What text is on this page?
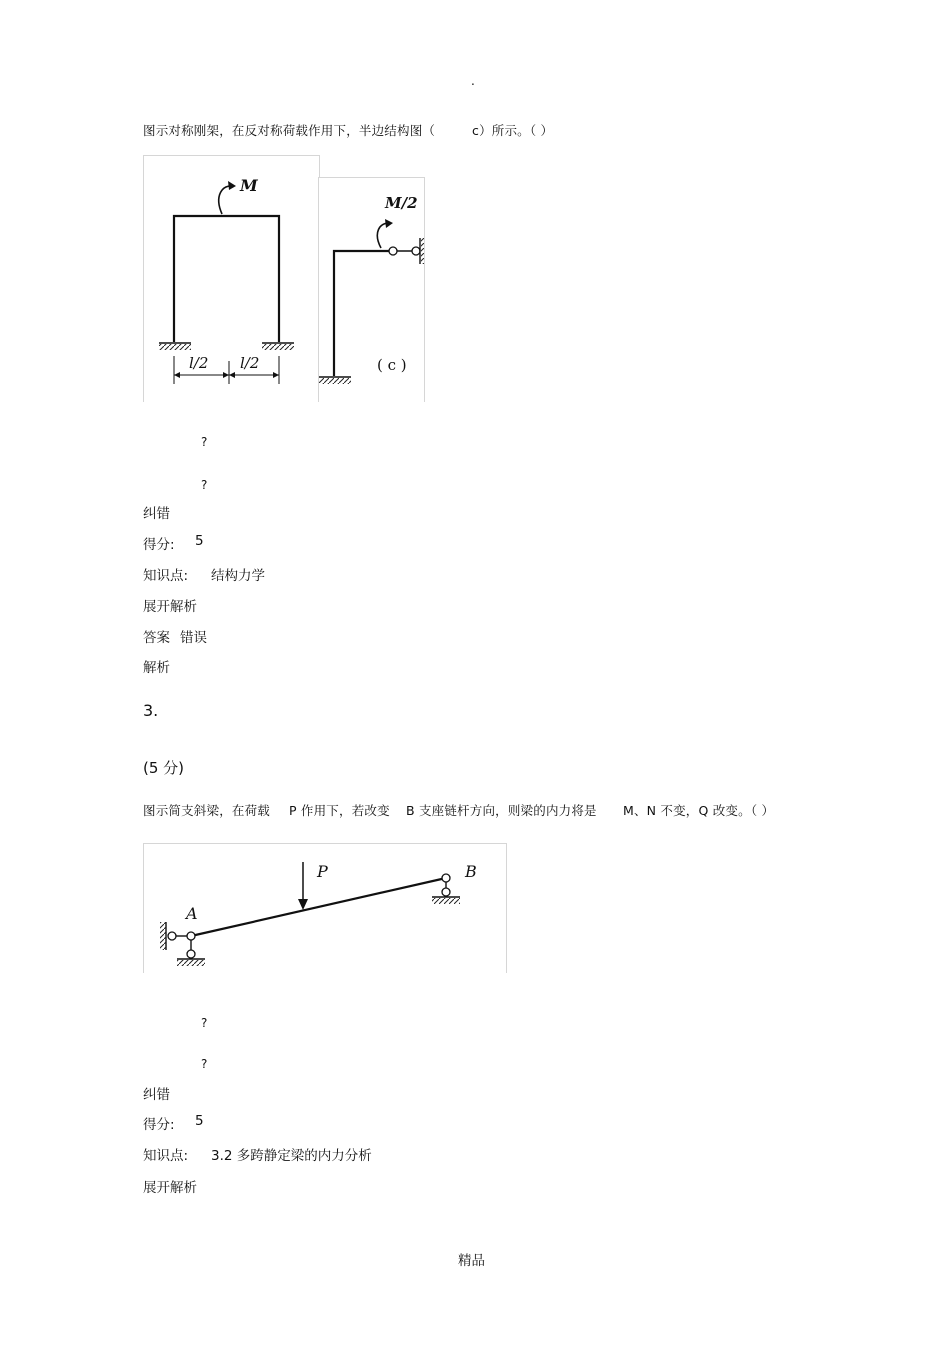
.
图示对称刚架，在反对称荷载作用下，半边结构图（	c）所示。（ ）
M
l/2 l/2
M/2
( c )
?
?
纠错
得分: 5
知识点: 结构力学
展开解析
答案 错误
解析
3.
(5 分)
图示简支斜梁，在荷载 P 作用下，若改变 B 支座链杆方向，则梁的内力将是 M、N 不变，Q 改变。（ ）
P
A
B
?
?
纠错
得分: 5
知识点: 3.2 多跨静定梁的内力分析
展开解析
精品
